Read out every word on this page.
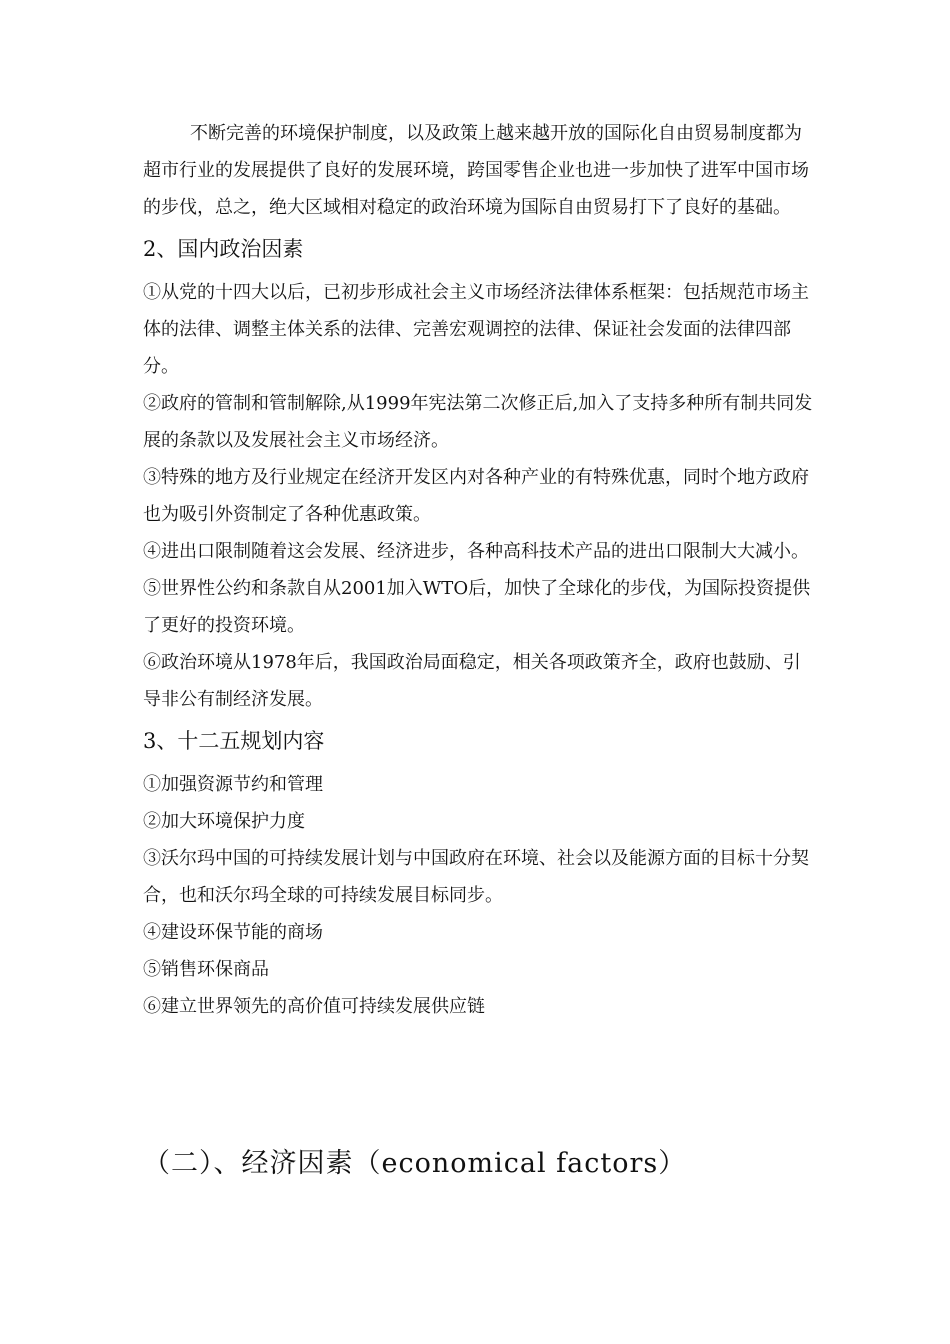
不断完善的环境保护制度，以及政策上越来越开放的国际化自由贸易制度都为超市行业的发展提供了良好的发展环境，跨国零售企业也进一步加快了进军中国市场的步伐，总之，绝大区域相对稳定的政治环境为国际自由贸易打下了良好的基础。

2、国内政治因素

①从党的十四大以后，已初步形成社会主义市场经济法律体系框架：包括规范市场主体的法律、调整主体关系的法律、完善宏观调控的法律、保证社会发面的法律四部分。

②政府的管制和管制解除,从1999年宪法第二次修正后,加入了支持多种所有制共同发展的条款以及发展社会主义市场经济。

③特殊的地方及行业规定在经济开发区内对各种产业的有特殊优惠，同时个地方政府也为吸引外资制定了各种优惠政策。

④进出口限制随着这会发展、经济进步，各种高科技术产品的进出口限制大大减小。

⑤世界性公约和条款自从2001加入WTO后，加快了全球化的步伐，为国际投资提供了更好的投资环境。

⑥政治环境从1978年后，我国政治局面稳定，相关各项政策齐全，政府也鼓励、引导非公有制经济发展。

3、十二五规划内容

①加强资源节约和管理

②加大环境保护力度

③沃尔玛中国的可持续发展计划与中国政府在环境、社会以及能源方面的目标十分契合，也和沃尔玛全球的可持续发展目标同步。

④建设环保节能的商场

⑤销售环保商品

⑥建立世界领先的高价值可持续发展供应链

（二）、经济因素（economical factors）
